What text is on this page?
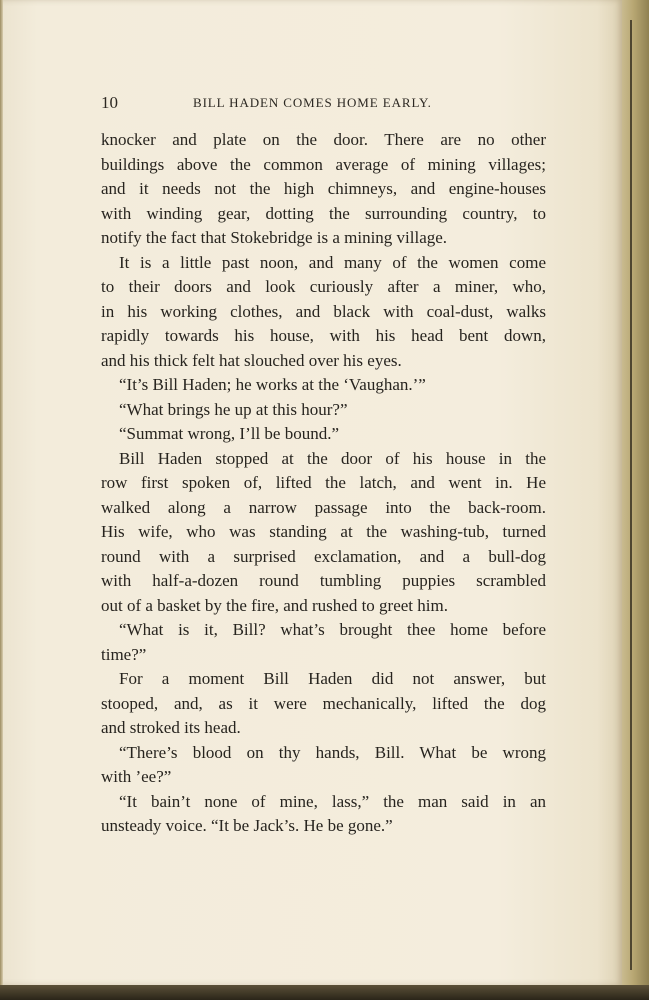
10	BILL HADEN COMES HOME EARLY.
knocker and plate on the door. There are no other
buildings above the common average of mining villages;
and it needs not the high chimneys, and engine-houses
with winding gear, dotting the surrounding country, to
notify the fact that Stokebridge is a mining village.
It is a little past noon, and many of the women come
to their doors and look curiously after a miner, who,
in his working clothes, and black with coal-dust, walks
rapidly towards his house, with his head bent down,
and his thick felt hat slouched over his eyes.
“It’s Bill Haden; he works at the ‘Vaughan.’”
“What brings he up at this hour?”
“Summat wrong, I’ll be bound.”
Bill Haden stopped at the door of his house in the
row first spoken of, lifted the latch, and went in. He
walked along a narrow passage into the back-room.
His wife, who was standing at the washing-tub, turned
round with a surprised exclamation, and a bull-dog
with half-a-dozen round tumbling puppies scrambled
out of a basket by the fire, and rushed to greet him.
“What is it, Bill? what’s brought thee home before
time?”
For a moment Bill Haden did not answer, but
stooped, and, as it were mechanically, lifted the dog
and stroked its head.
“There’s blood on thy hands, Bill. What be wrong
with ’ee?”
“It bain’t none of mine, lass,” the man said in an
unsteady voice. “It be Jack’s. He be gone.”
